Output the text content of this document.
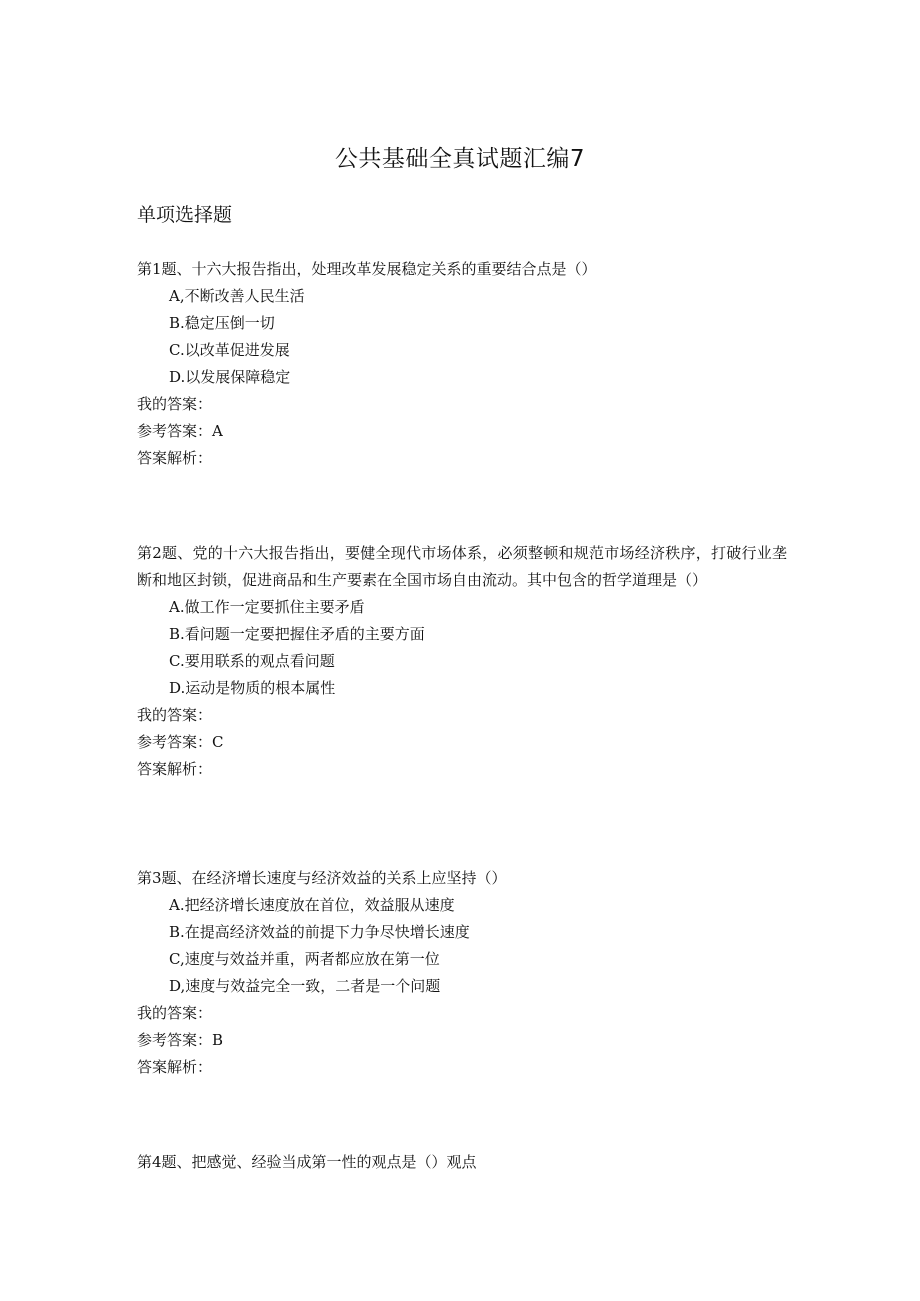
公共基础全真试题汇编7
单项选择题

第1题、十六大报告指出，处理改革发展稳定关系的重要结合点是（）

A,不断改善人民生活
B.稳定压倒一切
C.以改革促进发展
D.以发展保障稳定
我的答案：
参考答案：A
答案解析：

第2题、党的十六大报告指出，要健全现代市场体系，必须整顿和规范市场经济秩序，打破行业垄断和地区封锁，促进商品和生产要素在全国市场自由流动。其中包含的哲学道理是（）

A.做工作一定要抓住主要矛盾
B.看问题一定要把握住矛盾的主要方面
C.要用联系的观点看问题
D.运动是物质的根本属性
我的答案：
参考答案：C
答案解析：

第3题、在经济增长速度与经济效益的关系上应坚持（）

A.把经济增长速度放在首位，效益服从速度
B.在提高经济效益的前提下力争尽快增长速度
C,速度与效益并重，两者都应放在第一位
D,速度与效益完全一致，二者是一个问题
我的答案：
参考答案：B
答案解析：

第4题、把感觉、经验当成第一性的观点是（）观点
